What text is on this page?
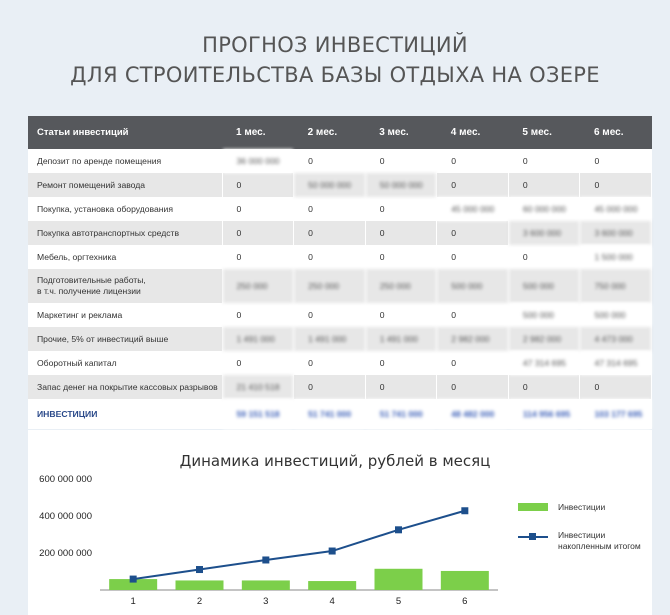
ПРОГНОЗ ИНВЕСТИЦИЙ
ДЛЯ СТРОИТЕЛЬСТВА БАЗЫ ОТДЫХА НА ОЗЕРЕ
Статьи инвестиций	1 мес.	2 мес.	3 мес.	4 мес.	5 мес.	6 мес.
Депозит по аренде помещения	36 000 000	0	0	0	0	0
Ремонт помещений завода	0	50 000 000	50 000 000	0	0	0
Покупка, установка оборудования	0	0	0	45 000 000	60 000 000	45 000 000
Покупка автотранспортных средств	0	0	0	0	3 600 000	3 600 000
Мебель, оргтехника	0	0	0	0	0	1 500 000
Подготовительные работы,
в т.ч. получение лицензии	250 000	250 000	250 000	500 000	500 000	750 000
Маркетинг и реклама	0	0	0	0	500 000	500 000
Прочие, 5% от инвестиций выше	1 491 000	1 491 000	1 491 000	2 982 000	2 982 000	4 473 000
Оборотный капитал	0	0	0	0	47 314 695	47 314 695
Запас денег на покрытие кассовых разрывов	21 410 518	0	0	0	0	0
ИНВЕСТИЦИИ	59 151 518	51 741 000	51 741 000	48 482 000	114 956 695	103 177 695
Динамика инвестиций, рублей в месяц
200 000 000
400 000 000
600 000 000
1	2	3	4	5	6
Инвестиции
Инвестиции накопленным итогом
